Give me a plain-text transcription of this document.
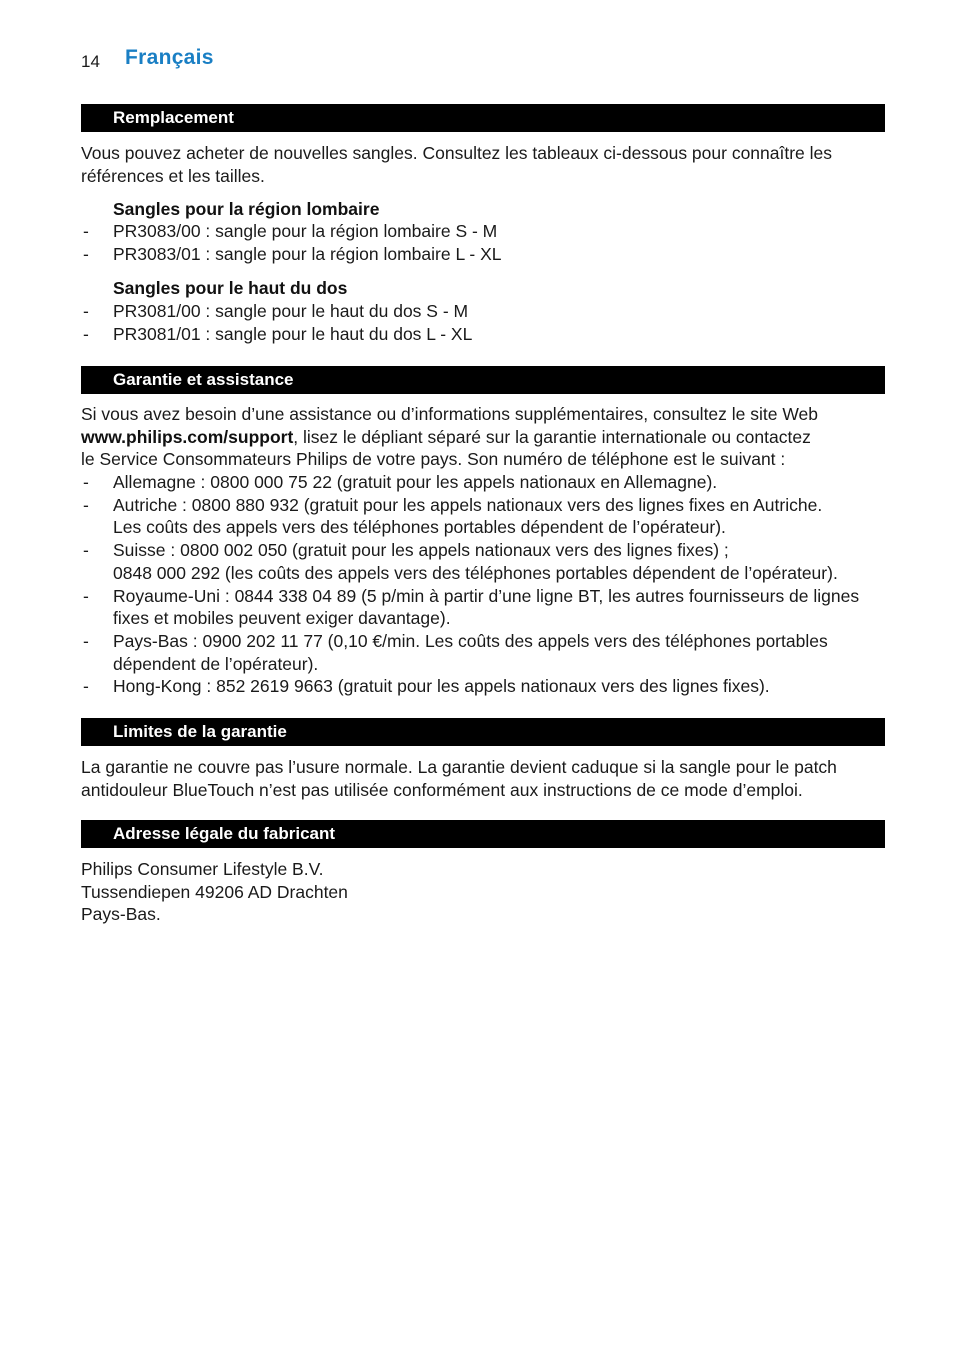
14 Français
Remplacement
Vous pouvez acheter de nouvelles sangles. Consultez les tableaux ci-dessous pour connaître les
références et les tailles.
Sangles pour la région lombaire
- PR3083/00 : sangle pour la région lombaire S - M
- PR3083/01 : sangle pour la région lombaire L - XL
Sangles pour le haut du dos
- PR3081/00 : sangle pour le haut du dos S - M
- PR3081/01 : sangle pour le haut du dos L - XL
Garantie et assistance
Si vous avez besoin d’une assistance ou d’informations supplémentaires, consultez le site Web
www.philips.com/support, lisez le dépliant séparé sur la garantie internationale ou contactez
le Service Consommateurs Philips de votre pays. Son numéro de téléphone est le suivant :
- Allemagne : 0800 000 75 22 (gratuit pour les appels nationaux en Allemagne).
- Autriche : 0800 880 932 (gratuit pour les appels nationaux vers des lignes fixes en Autriche.
Les coûts des appels vers des téléphones portables dépendent de l’opérateur).
- Suisse : 0800 002 050 (gratuit pour les appels nationaux vers des lignes fixes) ;
0848 000 292 (les coûts des appels vers des téléphones portables dépendent de l’opérateur).
- Royaume-Uni : 0844 338 04 89 (5 p/min à partir d’une ligne BT, les autres fournisseurs de lignes
fixes et mobiles peuvent exiger davantage).
- Pays-Bas : 0900 202 11 77 (0,10 €/min. Les coûts des appels vers des téléphones portables
dépendent de l’opérateur).
- Hong-Kong : 852 2619 9663 (gratuit pour les appels nationaux vers des lignes fixes).
Limites de la garantie
La garantie ne couvre pas l’usure normale. La garantie devient caduque si la sangle pour le patch
antidouleur BlueTouch n’est pas utilisée conformément aux instructions de ce mode d’emploi.
Adresse légale du fabricant
Philips Consumer Lifestyle B.V.
Tussendiepen 49206 AD Drachten
Pays-Bas.
